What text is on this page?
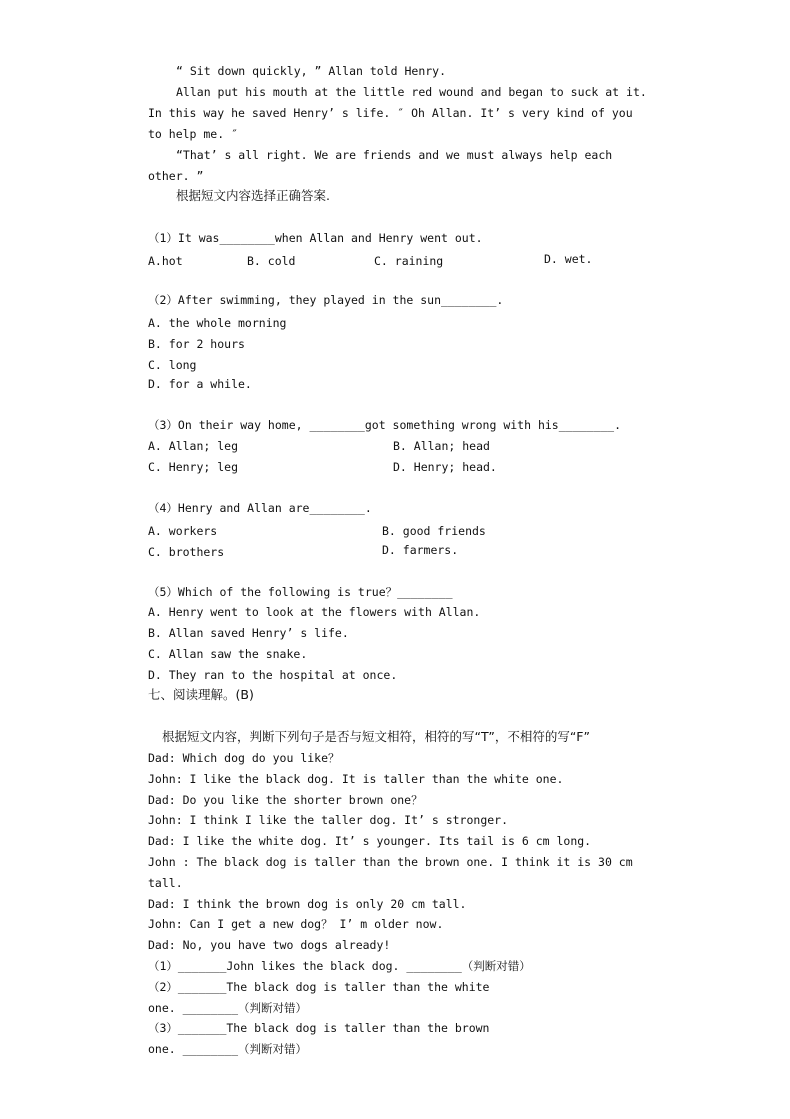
“ Sit down quickly, ” Allan told Henry.
Allan put his mouth at the little red wound and began to suck at it.
In this way he saved Henry’ s life. ″ Oh Allan. It’ s very kind of you
to help me. ″
“That’ s all right. We are friends and we must always help each
other. ”
根据短文内容选择正确答案.
（1）It was________when Allan and Henry went out.
A.hot	B. cold	C. raining	D. wet.
（2）After swimming, they played in the sun________.
A. the whole morning
B. for 2 hours
C. long
D. for a while.
（3）On their way home, ________got something wrong with his________.
A. Allan; leg	B. Allan; head
C. Henry; leg	D. Henry; head.
（4）Henry and Allan are________.
A. workers	B. good friends
C. brothers	D. farmers.
（5）Which of the following is true？________
A. Henry went to look at the flowers with Allan.
B. Allan saved Henry’ s life.
C. Allan saw the snake.
D. They ran to the hospital at once.
七、阅读理解。(B)
根据短文内容，判断下列句子是否与短文相符，相符的写“T”，不相符的写“F”
Dad: Which dog do you like？
John: I like the black dog. It is taller than the white one.
Dad: Do you like the shorter brown one？
John: I think I like the taller dog. It’ s stronger.
Dad: I like the white dog. It’ s younger. Its tail is 6 cm long.
John : The black dog is taller than the brown one. I think it is 30 cm
tall.
Dad: I think the brown dog is only 20 cm tall.
John: Can I get a new dog？ I’ m older now.
Dad: No, you have two dogs already!
（1）_______John likes the black dog. ________（判断对错）
（2）_______The black dog is taller than the white
one. ________（判断对错）
（3）_______The black dog is taller than the brown
one. ________（判断对错）
